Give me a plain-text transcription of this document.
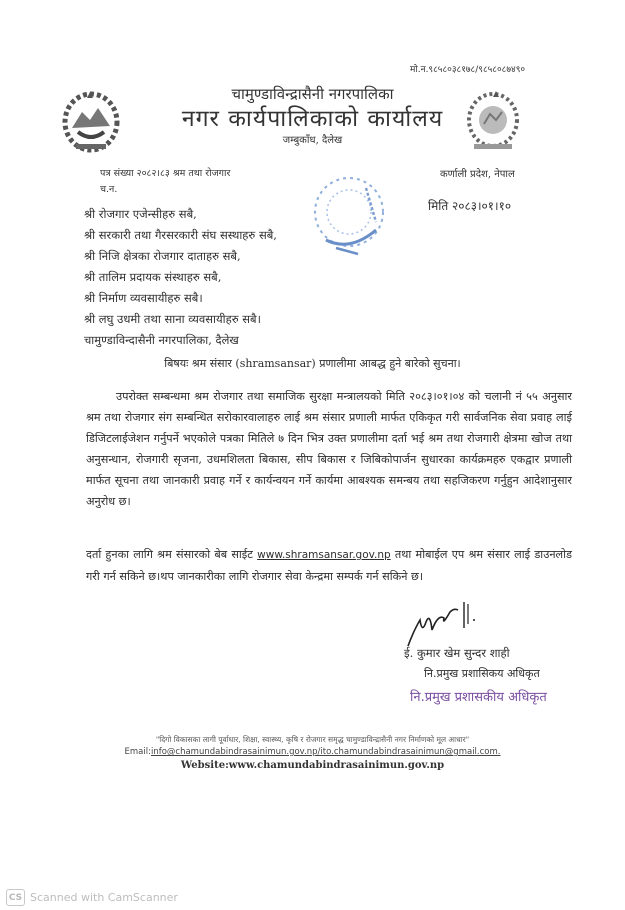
मो.न.९८५८०३८१७८/९८५८०८७४९०
चामुण्डाविन्द्रासैनी नगरपालिका
नगर कार्यपालिकाको कार्यालय
जम्बुकाँध, दैलेख
पत्र संख्या २०८२।८३ श्रम तथा रोजगार
च.न.
कर्णाली प्रदेश, नेपाल
मिति २०८३।०१।१०
श्री रोजगार एजेन्सीहरु सबै,
श्री सरकारी तथा गैरसरकारी संघ सस्थाहरु सबै,
श्री निजि क्षेत्रका रोजगार दाताहरु सबै,
श्री तालिम प्रदायक संस्थाहरु सबै,
श्री निर्माण व्यवसायीहरु सबै।
श्री लघु उधमी तथा साना व्यवसायीहरु सबै।
चामुण्डाविन्दासैनी नगरपालिका, दैलेख
बिषयः श्रम संसार (shramsansar) प्रणालीमा आबद्ध हुने बारेको सुचना।
उपरोक्त सम्बन्धमा श्रम रोजगार तथा समाजिक सुरक्षा मन्त्रालयको मिति २०८३।०१।०४ को चलानी नं ५५ अनुसार श्रम तथा रोजगार संग सम्बन्धित सरोकारवालाहरु लाई श्रम संसार प्रणाली मार्फत एकिकृत गरी सार्वजनिक सेवा प्रवाह लाई डिजिटलाईजेशन गर्नुपर्ने भएकोले पत्रका मितिले ७ दिन भित्र उक्त प्रणालीमा दर्ता भई श्रम तथा रोजगारी क्षेत्रमा खोज तथा अनुसन्धान, रोजगारी सृजना, उधमशिलता बिकास, सीप बिकास र जिबिकोपार्जन सुधारका कार्यक्रमहरु एकद्वार प्रणाली मार्फत सूचना तथा जानकारी प्रवाह गर्ने र कार्यन्वयन गर्ने कार्यमा आबश्यक समन्बय तथा सहजिकरण गर्नुहुन आदेशानुसार अनुरोध छ।
दर्ता हुनका लागि श्रम संसारको बेब साईट www.shramsansar.gov.np तथा मोबाईल एप श्रम संसार लाई डाउनलोड गरी गर्न सकिने छ।थप जानकारीका लागि रोजगार सेवा केन्द्रमा सम्पर्क गर्न सकिने छ।
ई. कुमार खेम सुन्दर शाही
नि.प्रमुख प्रशासिकय अधिकृत
नि.प्रमुख प्रशासकीय अधिकृत
"दिगो विकासका लागी पूर्वाधार, शिक्षा, स्वास्थ्य, कृषि र रोजगार समृद्ध चामुण्डाविन्द्रासैनी नगर निर्माणको मूल आधार"
Email:info@chamundabindrasainimun.gov.np/ito.chamundabindrasainimun@gmail.com.
Website:www.chamundabindrasainimun.gov.np
CS Scanned with CamScanner
